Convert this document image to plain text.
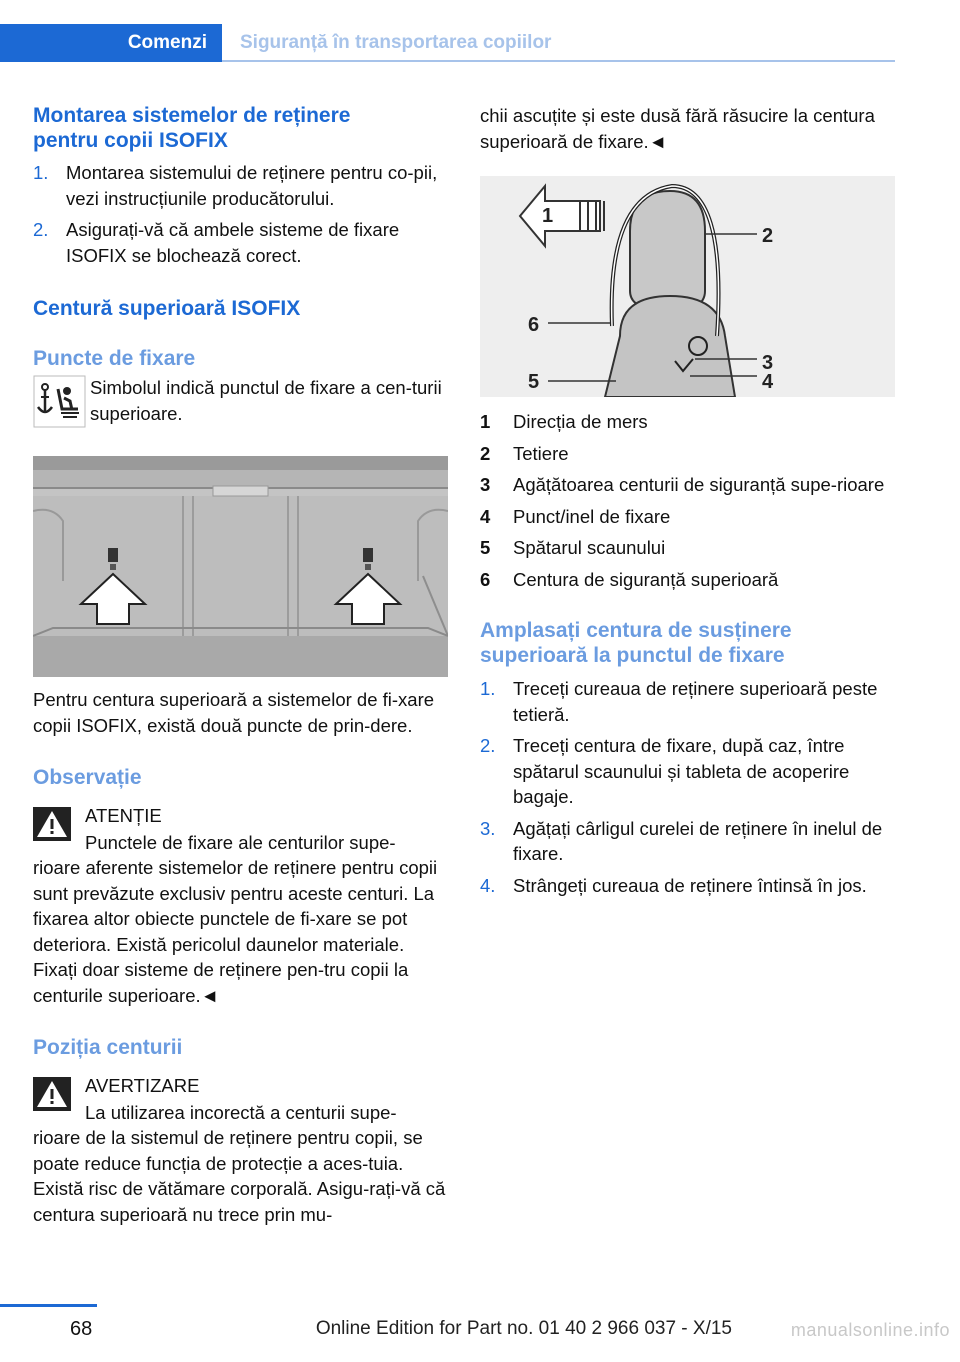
Comenzi	Siguranță în transportarea copiilor
Montarea sistemelor de reținere pentru copii ISOFIX
1. Montarea sistemului de reținere pentru co‐pii, vezi instrucțiunile producătorului.
2. Asigurați-vă că ambele sisteme de fixare ISOFIX se blochează corect.
Centură superioară ISOFIX
Puncte de fixare

Simbolul indică punctul de fixare a cen‐turii superioare.

Pentru centura superioară a sistemelor de fi‐xare copii ISOFIX, există două puncte de prin‐dere.

Observație

ATENȚIE

Punctele de fixare ale centurilor supe‐

rioare aferente sistemelor de reținere pentru copii sunt prevăzute exclusiv pentru aceste centuri. La fixarea altor obiecte punctele de fi‐xare se pot deteriora. Există pericolul daunelor materiale. Fixați doar sisteme de reținere pen‐tru copii la centurile superioare.◄

Poziția centurii

AVERTIZARE

La utilizarea incorectă a centurii supe‐

rioare de la sistemul de reținere pentru copii, se poate reduce funcția de protecție a aces‐tuia. Există risc de vătămare corporală. Asigu‐rați-vă că centura superioară nu trece prin mu‐

chii ascuțite și este dusă fără răsucire la centura superioară de fixare.◄

1
2
3
4
5
6
1 Direcția de mers
2 Tetiere
3 Agățătoarea centurii de siguranță supe‐rioare
4 Punct/inel de fixare
5 Spătarul scaunului
6 Centura de siguranță superioară
Amplasați centura de susținere superioară la punctul de fixare
1. Treceți cureaua de reținere superioară peste tetieră.
2. Treceți centura de fixare, după caz, între spătarul scaunului și tableta de acoperire bagaje.
3. Agățați cârligul curelei de reținere în inelul de fixare.
4. Strângeți cureaua de reținere întinsă în jos.
68	Online Edition for Part no. 01 40 2 966 037 - X/15	manualsonline.info
